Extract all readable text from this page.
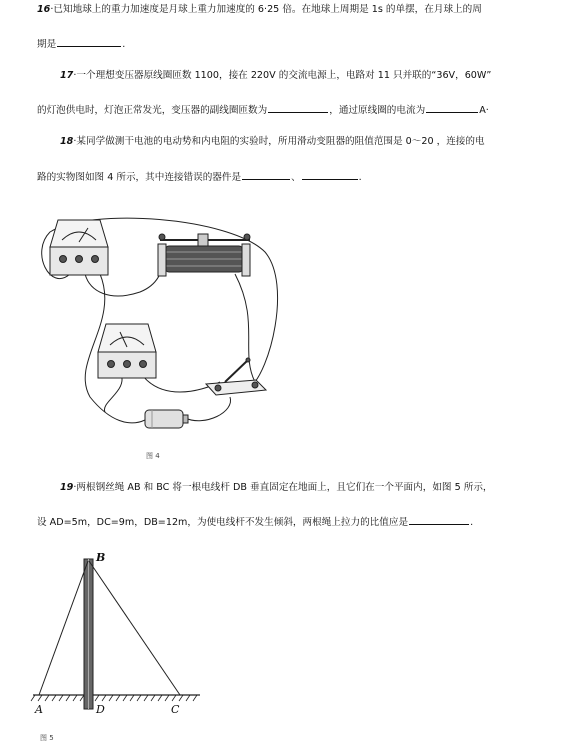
16·已知地球上的重力加速度是月球上重力加速度的 6·25 倍。在地球上周期是 1s 的单摆，在月球上的周
期是	.
17·一个理想变压器原线圈匝数 1100，接在 220V 的交流电源上，电路对 11 只并联的“36V，60W”
的灯泡供电时，灯泡正常发光，变压器的副线圈匝数为	，通过原线圈的电流为	A·
18·某同学做测干电池的电动势和内电阻的实验时，所用滑动变阻器的阻值范围是 0～20 ，连接的电
路的实物图如图 4 所示，其中连接错误的器件是	、	.
图 4
19·两根钢丝绳 AB 和 BC 将一根电线杆 DB 垂直固定在地面上，且它们在一个平面内，如图 5 所示，
设 AD=5m，DC=9m，DB=12m，为使电线杆不发生倾斜，两根绳上拉力的比值应是	.
B
A	D	C
图 5
